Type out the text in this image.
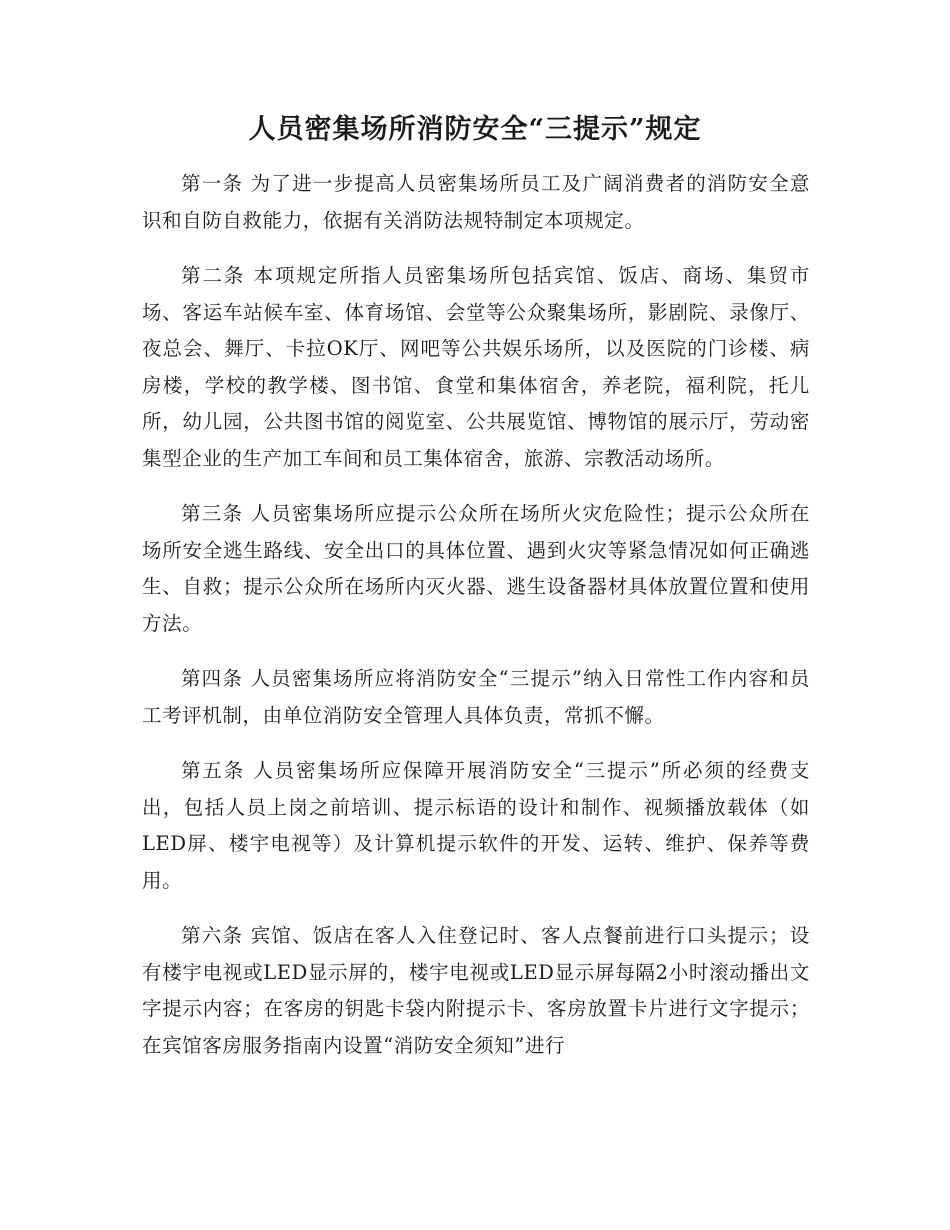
人员密集场所消防安全“三提示”规定

第一条 为了进一步提高人员密集场所员工及广阔消费者的消防安全意识和自防自救能力，依据有关消防法规特制定本项规定。

第二条 本项规定所指人员密集场所包括宾馆、饭店、商场、集贸市场、客运车站候车室、体育场馆、会堂等公众聚集场所，影剧院、录像厅、夜总会、舞厅、卡拉OK厅、网吧等公共娱乐场所，以及医院的门诊楼、病房楼，学校的教学楼、图书馆、食堂和集体宿舍，养老院，福利院，托儿所，幼儿园，公共图书馆的阅览室、公共展览馆、博物馆的展示厅，劳动密集型企业的生产加工车间和员工集体宿舍，旅游、宗教活动场所。

第三条 人员密集场所应提示公众所在场所火灾危险性；提示公众所在场所安全逃生路线、安全出口的具体位置、遇到火灾等紧急情况如何正确逃生、自救；提示公众所在场所内灭火器、逃生设备器材具体放置位置和使用方法。

第四条 人员密集场所应将消防安全“三提示”纳入日常性工作内容和员工考评机制，由单位消防安全管理人具体负责，常抓不懈。

第五条 人员密集场所应保障开展消防安全“三提示”所必须的经费支出，包括人员上岗之前培训、提示标语的设计和制作、视频播放载体（如LED屏、楼宇电视等）及计算机提示软件的开发、运转、维护、保养等费用。

第六条 宾馆、饭店在客人入住登记时、客人点餐前进行口头提示；设有楼宇电视或LED显示屏的，楼宇电视或LED显示屏每隔2小时滚动播出文字提示内容；在客房的钥匙卡袋内附提示卡、客房放置卡片进行文字提示；在宾馆客房服务指南内设置“消防安全须知”进行
